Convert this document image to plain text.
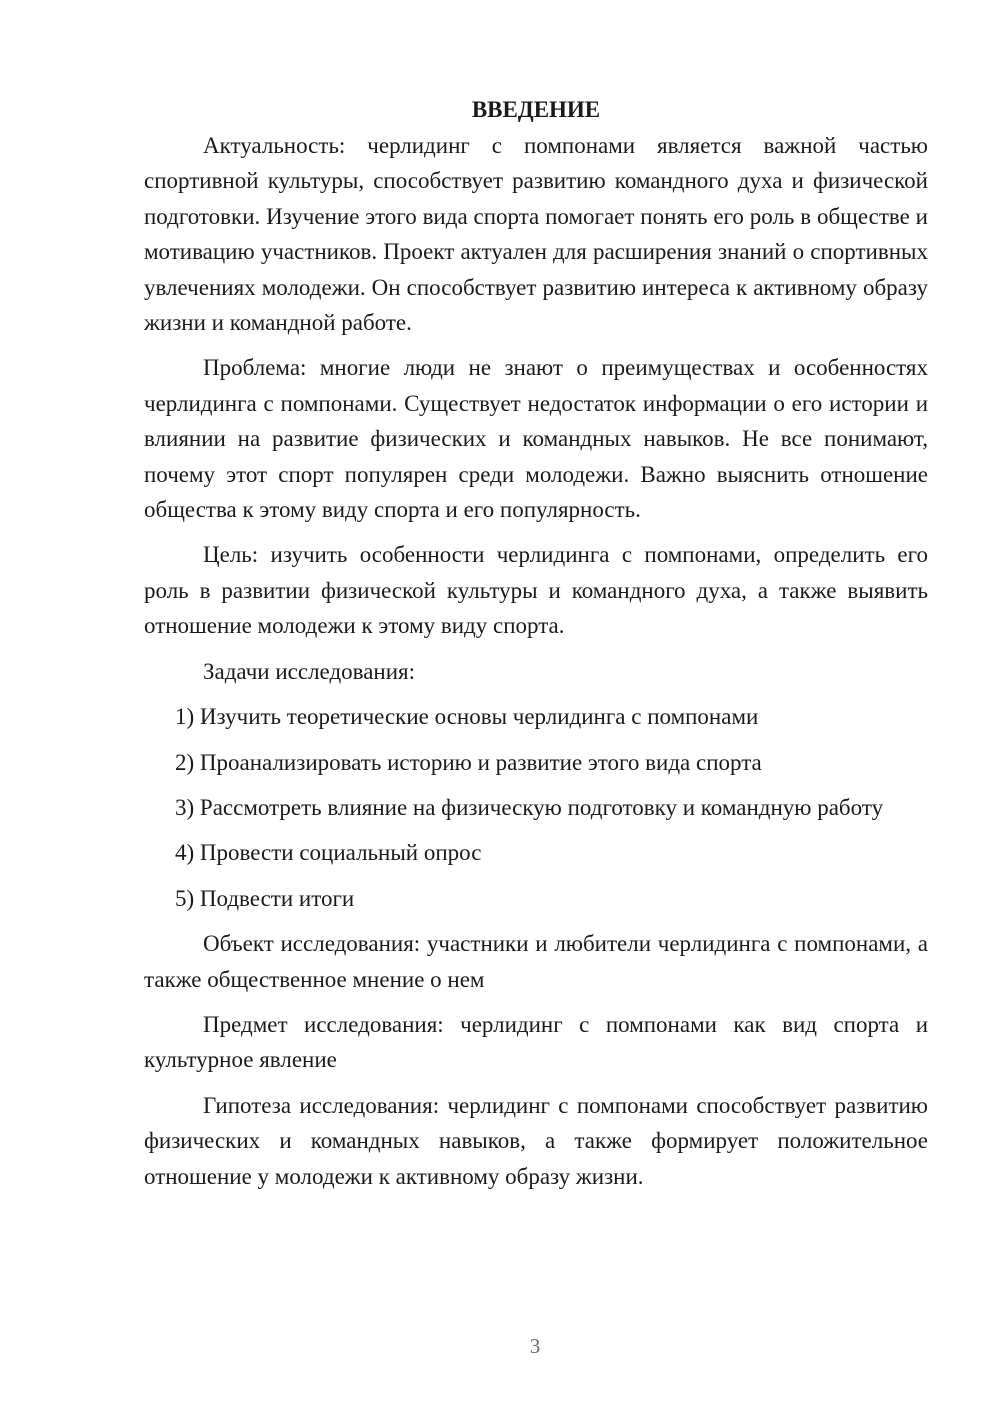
ВВЕДЕНИЕ

Актуальность: черлидинг с помпонами является важной частью спортивной культуры, способствует развитию командного духа и физической подготовки. Изучение этого вида спорта помогает понять его роль в обществе и мотивацию участников. Проект актуален для расширения знаний о спортивных увлечениях молодежи. Он способствует развитию интереса к активному образу жизни и командной работе.

Проблема: многие люди не знают о преимуществах и особенностях черлидинга с помпонами. Существует недостаток информации о его истории и влиянии на развитие физических и командных навыков. Не все понимают, почему этот спорт популярен среди молодежи. Важно выяснить отношение общества к этому виду спорта и его популярность.

Цель: изучить особенности черлидинга с помпонами, определить его роль в развитии физической культуры и командного духа, а также выявить отношение молодежи к этому виду спорта.

Задачи исследования:

1) Изучить теоретические основы черлидинга с помпонами

2) Проанализировать историю и развитие этого вида спорта

3) Рассмотреть влияние на физическую подготовку и командную работу

4) Провести социальный опрос

5) Подвести итоги

Объект исследования: участники и любители черлидинга с помпонами, а также общественное мнение о нем

Предмет исследования: черлидинг с помпонами как вид спорта и культурное явление

Гипотеза исследования: черлидинг с помпонами способствует развитию физических и командных навыков, а также формирует положительное отношение у молодежи к активному образу жизни.

3
